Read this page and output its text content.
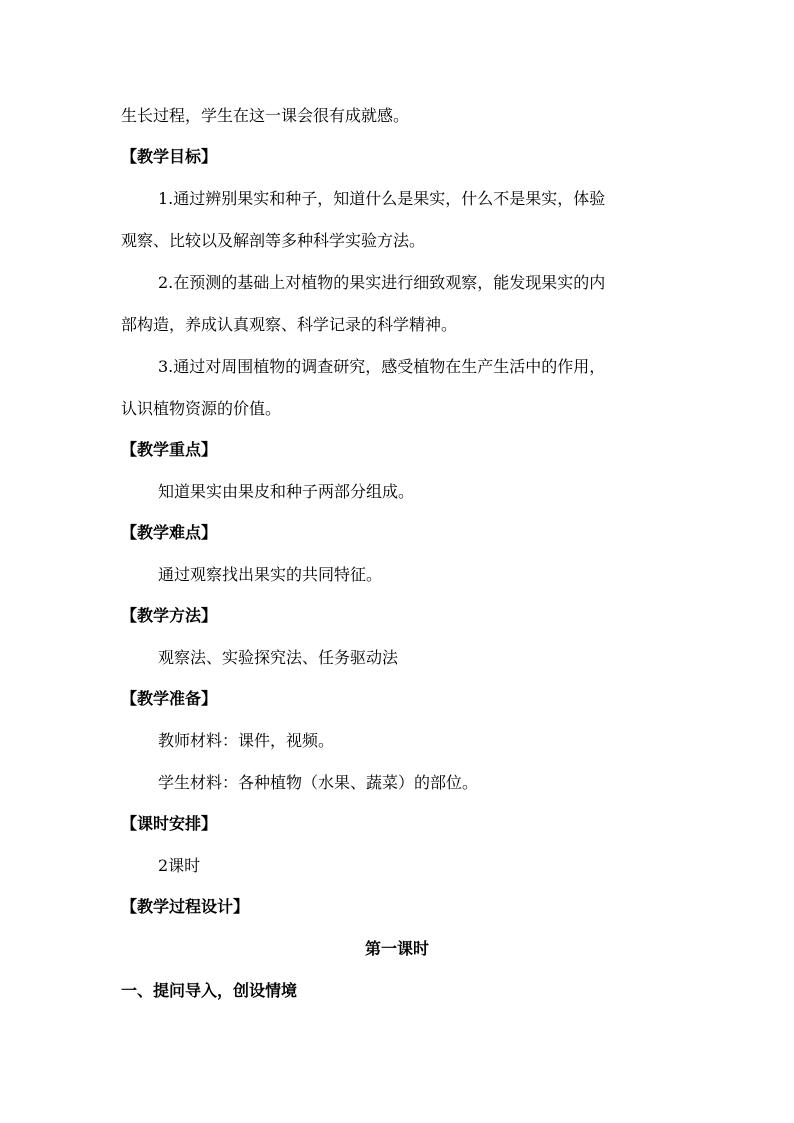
生长过程，学生在这一课会很有成就感。
【教学目标】
1.通过辨别果实和种子，知道什么是果实，什么不是果实，体验
观察、比较以及解剖等多种科学实验方法。
2.在预测的基础上对植物的果实进行细致观察，能发现果实的内
部构造，养成认真观察、科学记录的科学精神。
3.通过对周围植物的调查研究，感受植物在生产生活中的作用，
认识植物资源的价值。
【教学重点】
知道果实由果皮和种子两部分组成。
【教学难点】
通过观察找出果实的共同特征。
【教学方法】
观察法、实验探究法、任务驱动法
【教学准备】
教师材料：课件，视频。
学生材料：各种植物（水果、蔬菜）的部位。
【课时安排】
2课时
【教学过程设计】
第一课时
一、提问导入，创设情境
